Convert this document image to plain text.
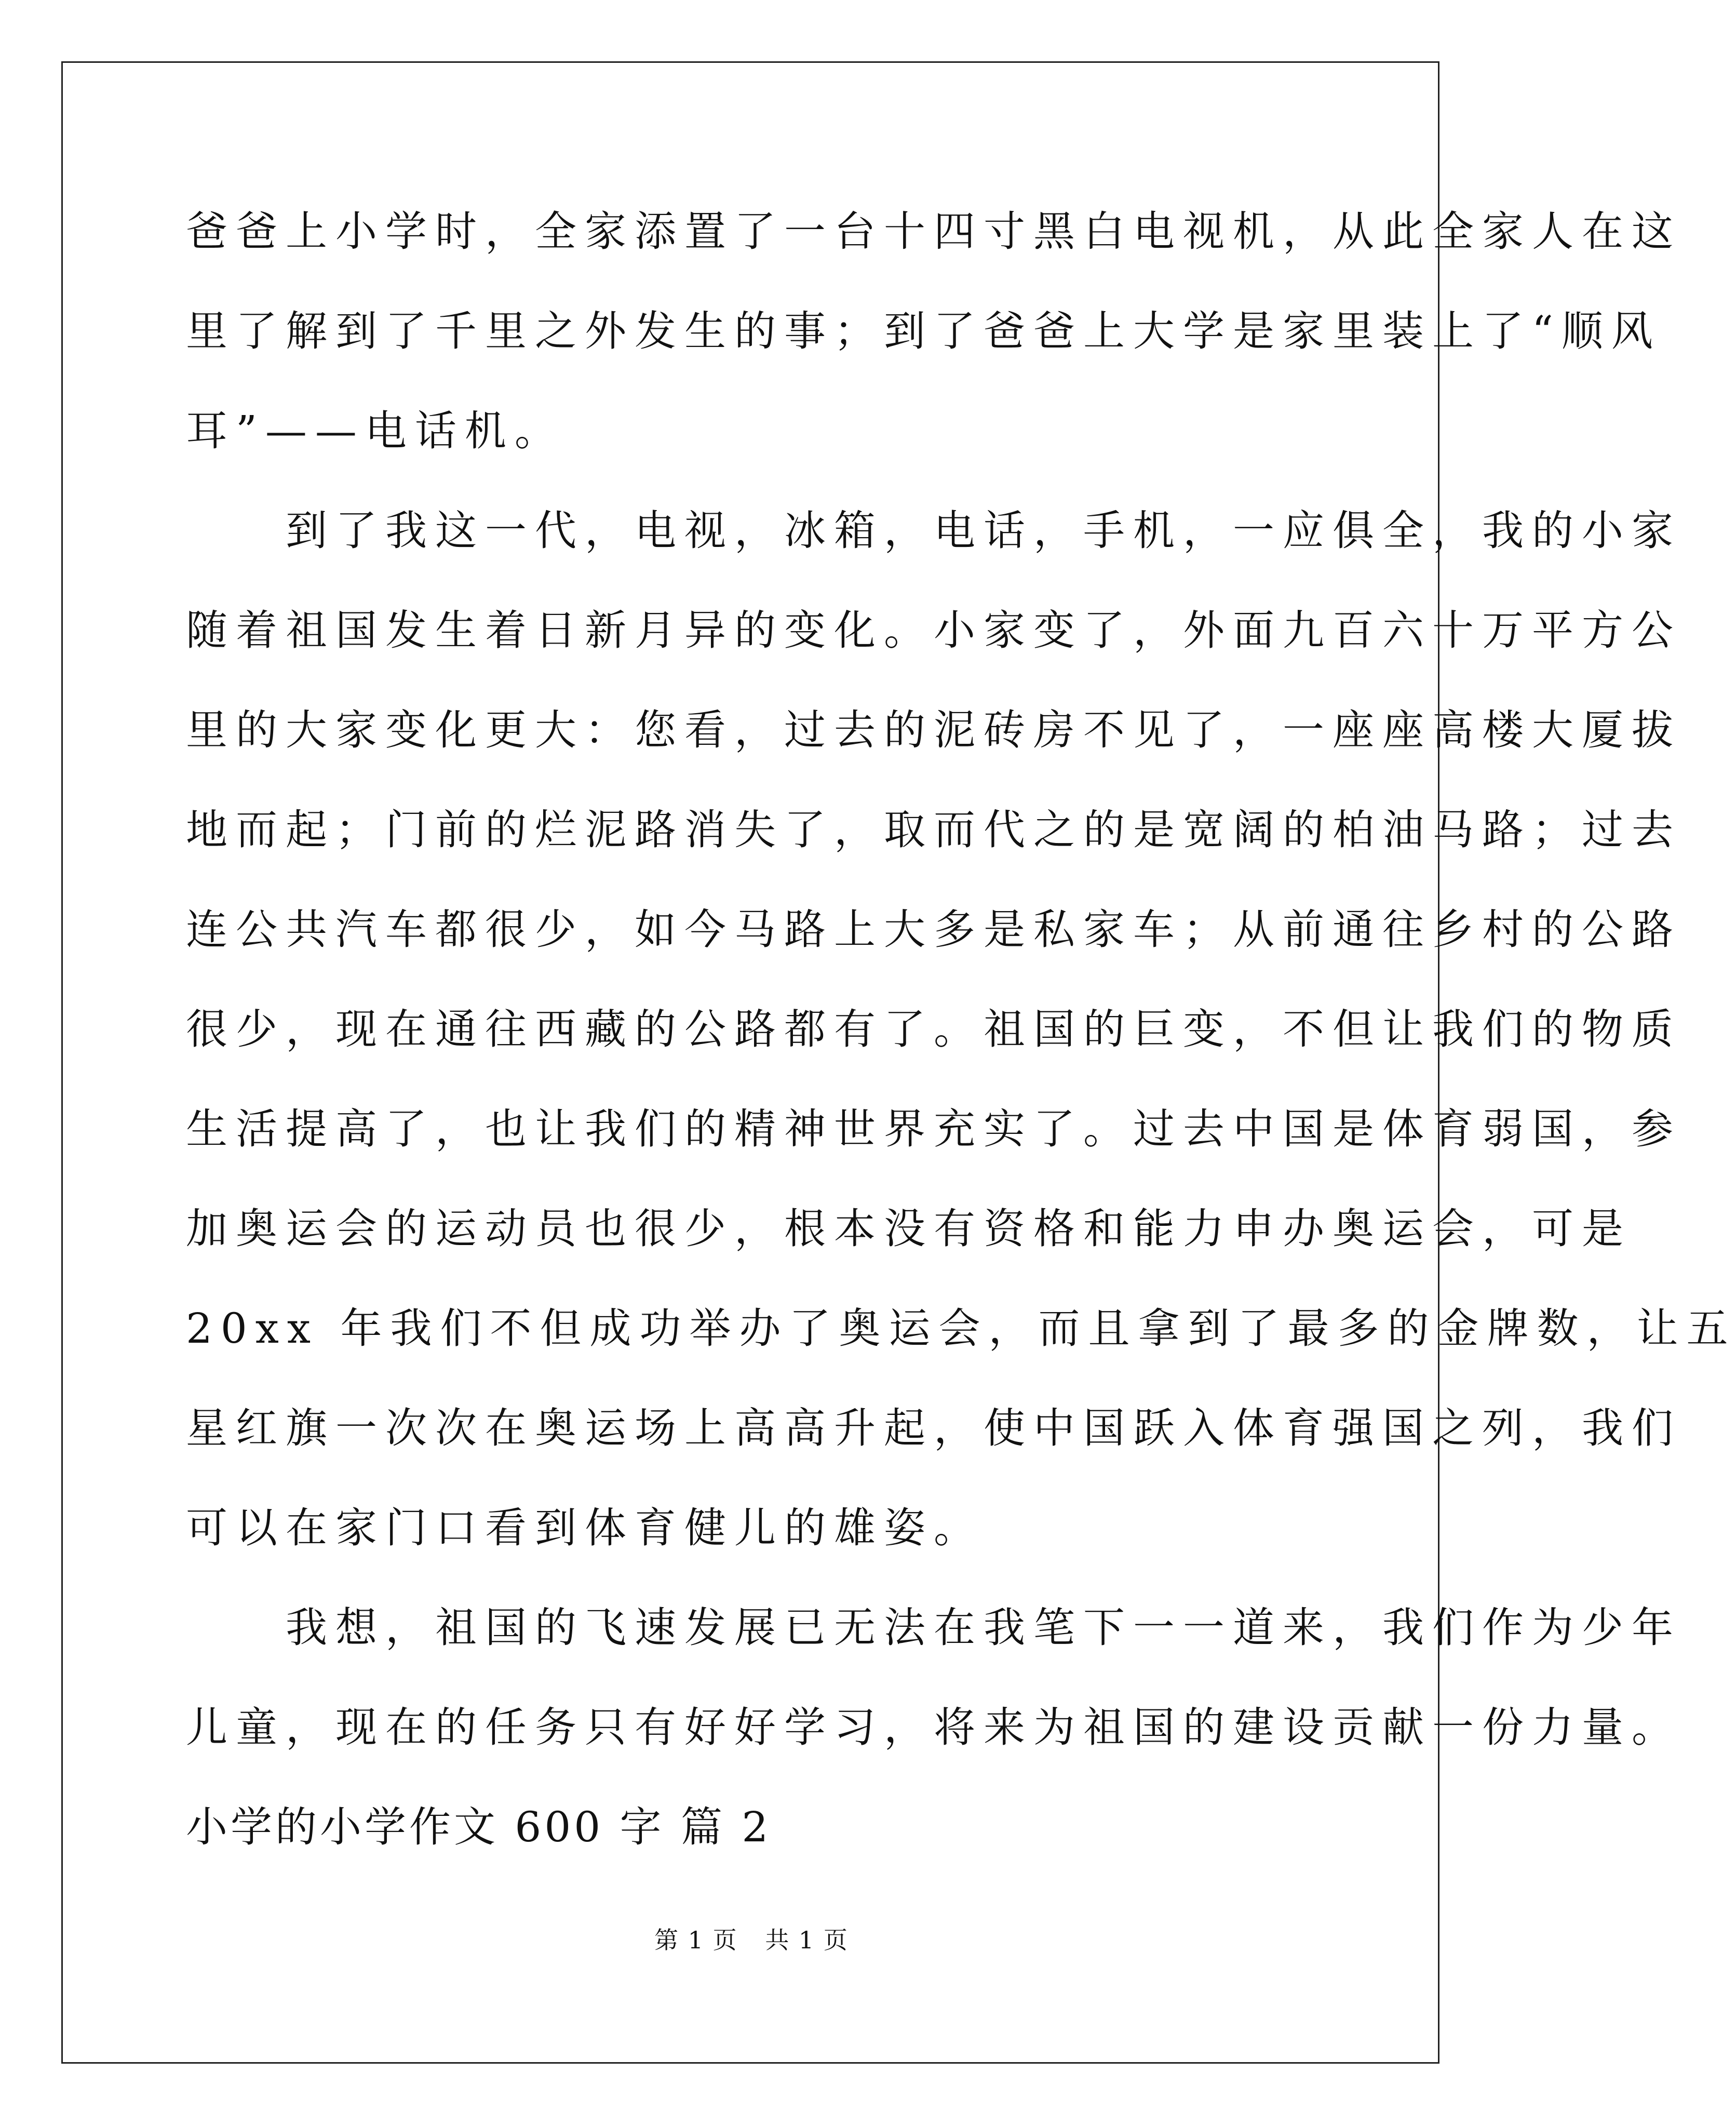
爸爸上小学时，全家添置了一台十四寸黑白电视机，从此全家人在这
里了解到了千里之外发生的事；到了爸爸上大学是家里装上了“顺风
耳”——电话机。
到了我这一代，电视，冰箱，电话，手机，一应俱全，我的小家
随着祖国发生着日新月异的变化。小家变了，外面九百六十万平方公
里的大家变化更大：您看，过去的泥砖房不见了，一座座高楼大厦拔
地而起；门前的烂泥路消失了，取而代之的是宽阔的柏油马路；过去
连公共汽车都很少，如今马路上大多是私家车；从前通往乡村的公路
很少，现在通往西藏的公路都有了。祖国的巨变，不但让我们的物质
生活提高了，也让我们的精神世界充实了。过去中国是体育弱国，参
加奥运会的运动员也很少，根本没有资格和能力申办奥运会，可是
20xx 年我们不但成功举办了奥运会，而且拿到了最多的金牌数，让五
星红旗一次次在奥运场上高高升起，使中国跃入体育强国之列，我们
可以在家门口看到体育健儿的雄姿。
我想，祖国的飞速发展已无法在我笔下一一道来，我们作为少年
儿童，现在的任务只有好好学习，将来为祖国的建设贡献一份力量。
小学的小学作文 600 字 篇 2
第 1 页 共 1 页
